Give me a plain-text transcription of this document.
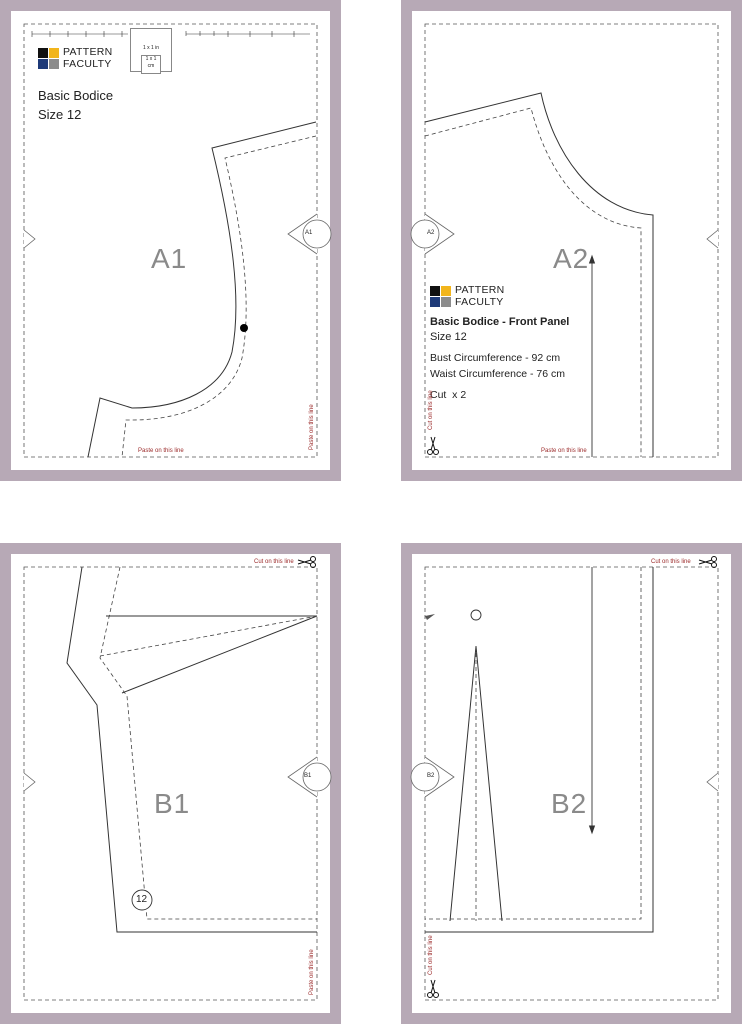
PATTERN
FACULTY
1 x 1 in
1 x 1 cm
Basic Bodice
Size 12
A1
A1
Paste on this line
Paste on this line
A2
A2
PATTERN
FACULTY
Basic Bodice - Front Panel
Size 12
Bust Circumference - 92 cm
Waist Circumference - 76 cm
Cut  x 2
Cut on this line
Paste on this line
Cut on this line
B1
B1
12
Paste on this line
Cut on this line
B2
B2
Cut on this line
